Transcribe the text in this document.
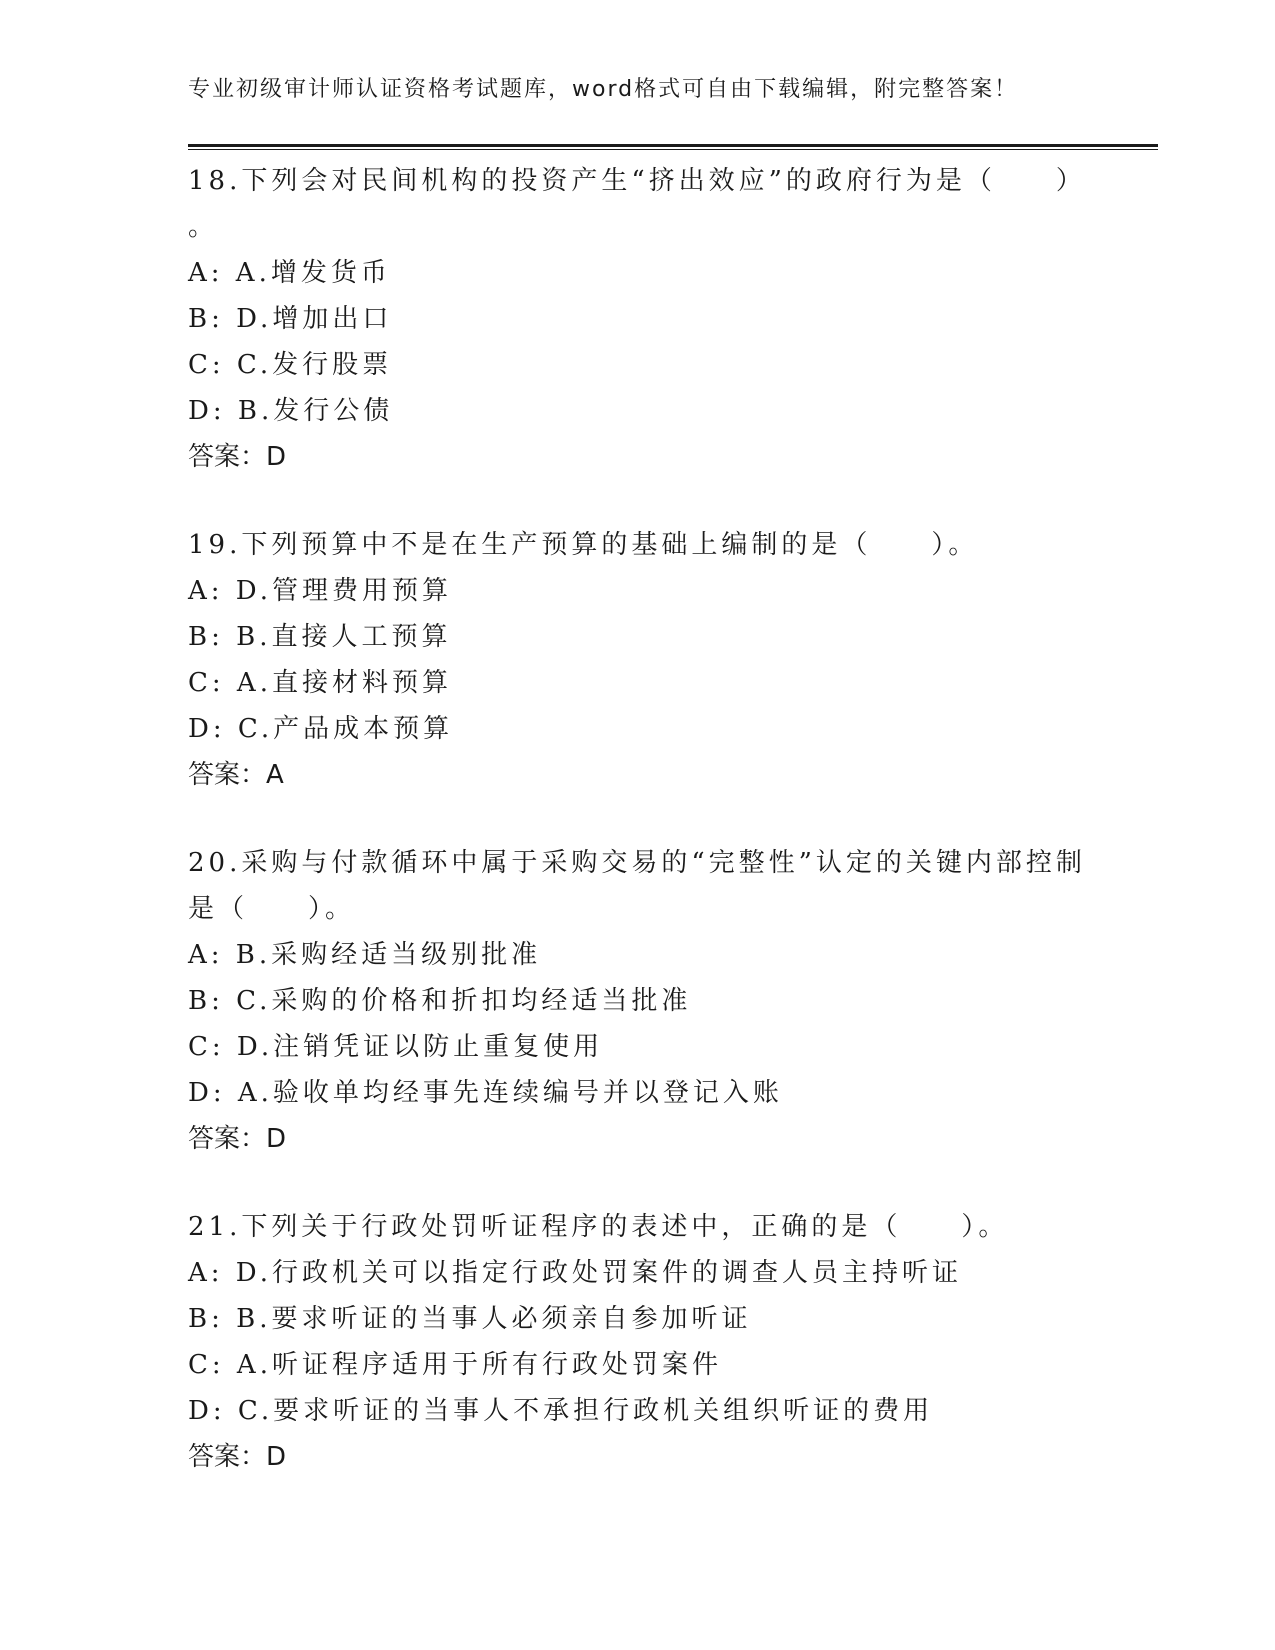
专业初级审计师认证资格考试题库，word格式可自由下载编辑，附完整答案！
18.下列会对民间机构的投资产生“挤出效应”的政府行为是（　　）
。
A: A.增发货币
B: D.增加出口
C: C.发行股票
D: B.发行公债
答案：D
19.下列预算中不是在生产预算的基础上编制的是（　　）。
A: D.管理费用预算
B: B.直接人工预算
C: A.直接材料预算
D: C.产品成本预算
答案：A
20.采购与付款循环中属于采购交易的“完整性”认定的关键内部控制
是（　　）。
A: B.采购经适当级别批准
B: C.采购的价格和折扣均经适当批准
C: D.注销凭证以防止重复使用
D: A.验收单均经事先连续编号并以登记入账
答案：D
21.下列关于行政处罚听证程序的表述中，正确的是（　　）。
A: D.行政机关可以指定行政处罚案件的调查人员主持听证
B: B.要求听证的当事人必须亲自参加听证
C: A.听证程序适用于所有行政处罚案件
D: C.要求听证的当事人不承担行政机关组织听证的费用
答案：D
